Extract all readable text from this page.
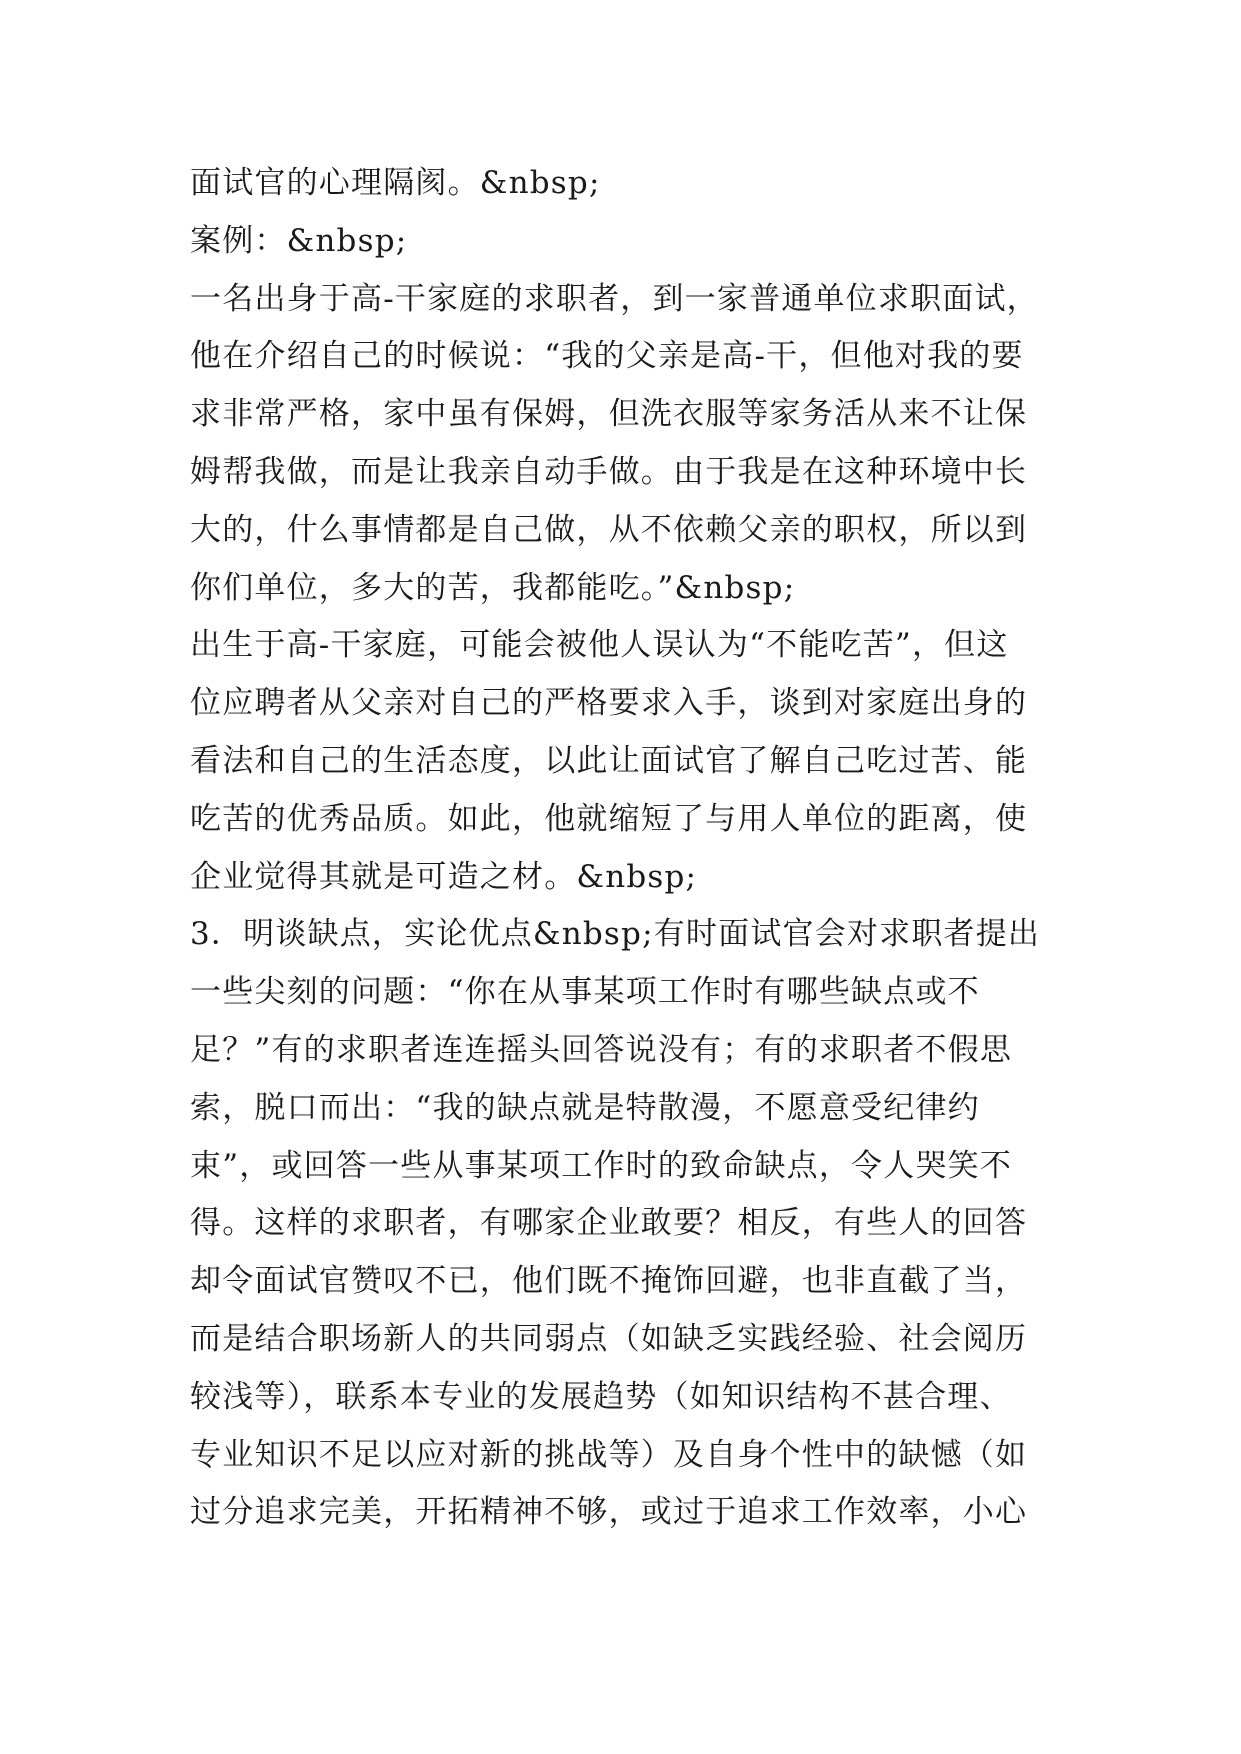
面试官的心理隔阂。&nbsp;
案例：&nbsp;
一名出身于高-干家庭的求职者，到一家普通单位求职面试，
他在介绍自己的时候说：“我的父亲是高-干，但他对我的要
求非常严格，家中虽有保姆，但洗衣服等家务活从来不让保
姆帮我做，而是让我亲自动手做。由于我是在这种环境中长
大的，什么事情都是自己做，从不依赖父亲的职权，所以到
你们单位，多大的苦，我都能吃。”&nbsp;
出生于高-干家庭，可能会被他人误认为“不能吃苦”，但这
位应聘者从父亲对自己的严格要求入手，谈到对家庭出身的
看法和自己的生活态度，以此让面试官了解自己吃过苦、能
吃苦的优秀品质。如此，他就缩短了与用人单位的距离，使
企业觉得其就是可造之材。&nbsp;
3．明谈缺点，实论优点&nbsp;有时面试官会对求职者提出
一些尖刻的问题：“你在从事某项工作时有哪些缺点或不
足？”有的求职者连连摇头回答说没有；有的求职者不假思
索，脱口而出：“我的缺点就是特散漫，不愿意受纪律约
束”，或回答一些从事某项工作时的致命缺点，令人哭笑不
得。这样的求职者，有哪家企业敢要？相反，有些人的回答
却令面试官赞叹不已，他们既不掩饰回避，也非直截了当，
而是结合职场新人的共同弱点（如缺乏实践经验、社会阅历
较浅等），联系本专业的发展趋势（如知识结构不甚合理、
专业知识不足以应对新的挑战等）及自身个性中的缺憾（如
过分追求完美，开拓精神不够，或过于追求工作效率，小心
